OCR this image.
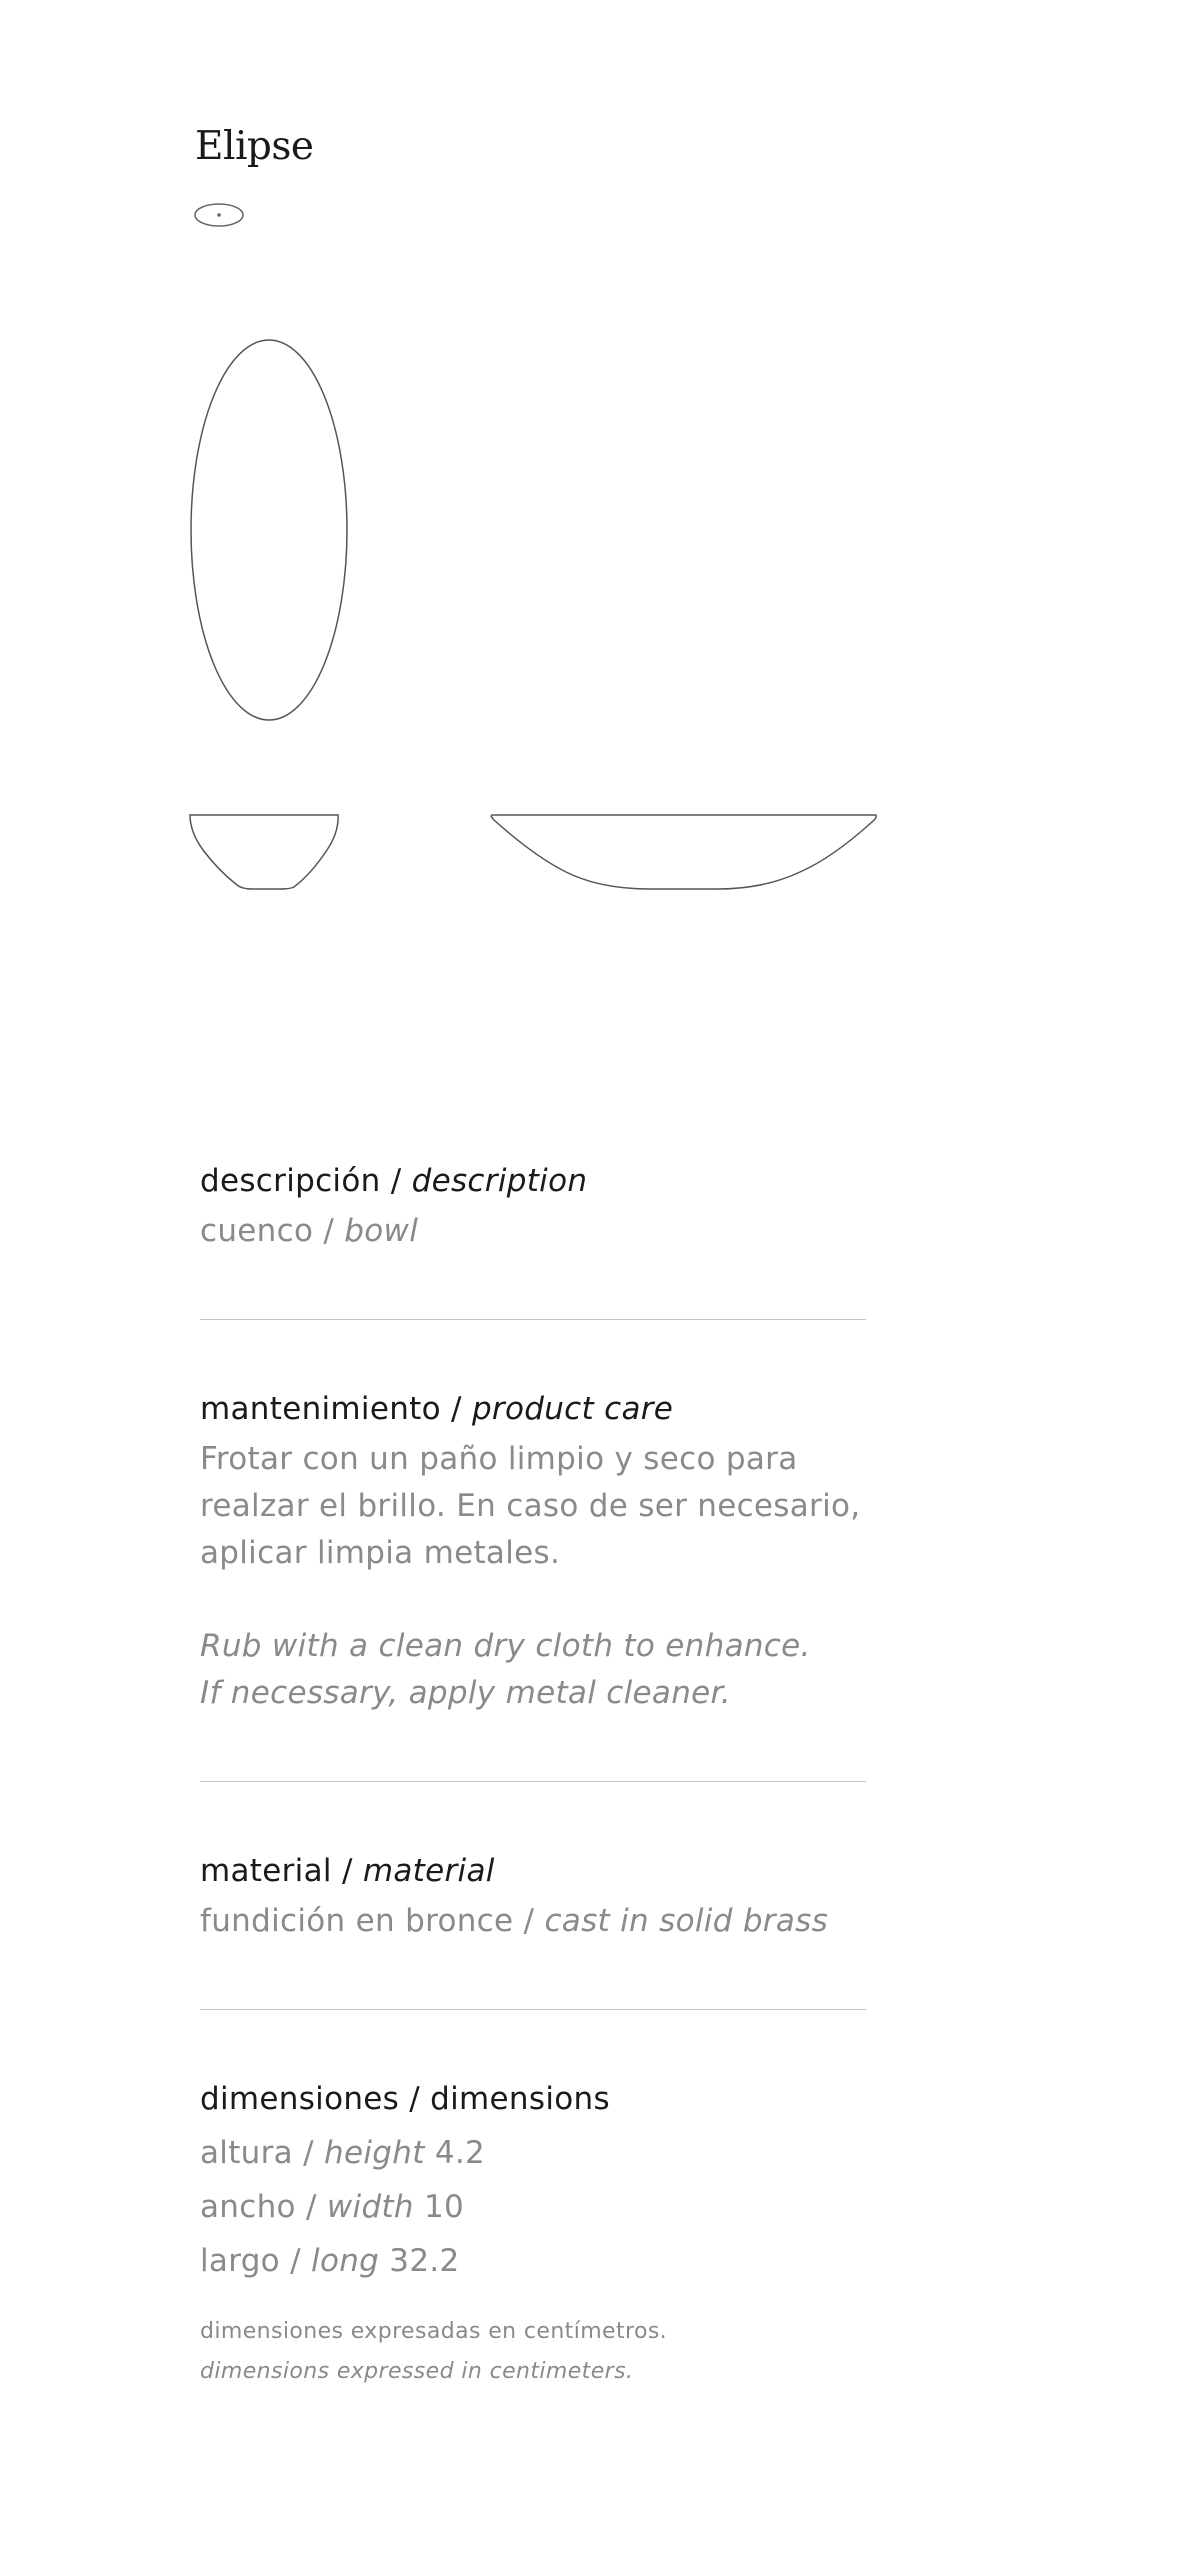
Elipse

descripción / description

cuenco / bowl

mantenimiento / product care

Frotar con un paño limpio y seco para
realzar el brillo. En caso de ser necesario,
aplicar limpia metales.

Rub with a clean dry cloth to enhance.
If necessary, apply metal cleaner.

material / material

fundición en bronce / cast in solid brass

dimensiones / dimensions

altura / height 4.2
ancho / width 10
largo / long 32.2
dimensiones expresadas en centímetros.
dimensions expressed in centimeters.
